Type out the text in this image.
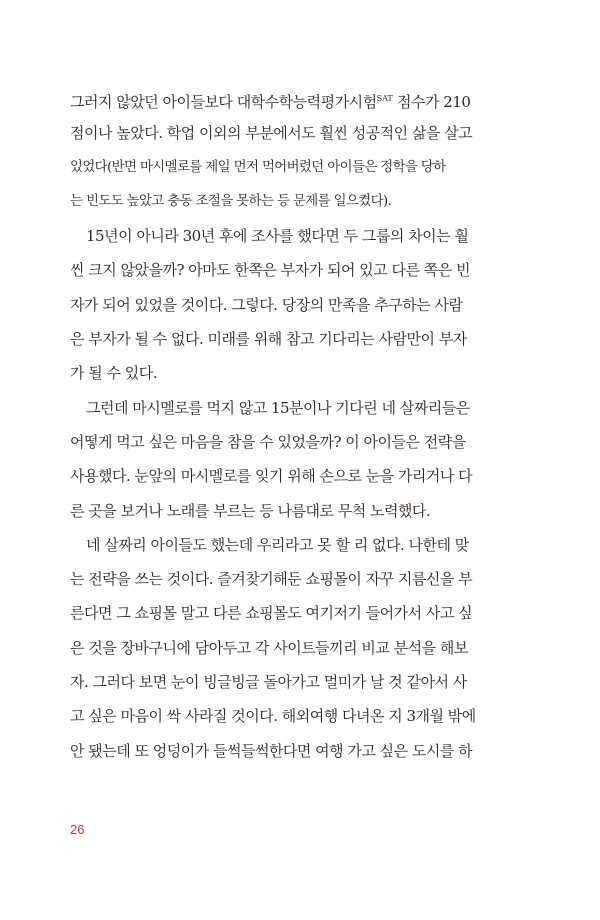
그러지 않았던 아이들보다 대학수학능력평가시험$^{SAT}$ 점수가 210
점이나 높았다. 학업 이외의 부분에서도 훨씬 성공적인 삶을 살고
있었다(반면 마시멜로를 제일 먼저 먹어버렸던 아이들은 정학을 당하
는 빈도도 높았고 충동 조절을 못하는 등 문제를 일으켰다).
15년이 아니라 30년 후에 조사를 했다면 두 그룹의 차이는 훨
씬 크지 않았을까? 아마도 한쪽은 부자가 되어 있고 다른 쪽은 빈
자가 되어 있었을 것이다. 그렇다. 당장의 만족을 추구하는 사람
은 부자가 될 수 없다. 미래를 위해 참고 기다리는 사람만이 부자
가 될 수 있다.
그런데 마시멜로를 먹지 않고 15분이나 기다린 네 살짜리들은
어떻게 먹고 싶은 마음을 참을 수 있었을까? 이 아이들은 전략을
사용했다. 눈앞의 마시멜로를 잊기 위해 손으로 눈을 가리거나 다
른 곳을 보거나 노래를 부르는 등 나름대로 무척 노력했다.
네 살짜리 아이들도 했는데 우리라고 못 할 리 없다. 나한테 맞
는 전략을 쓰는 것이다. 즐겨찾기해둔 쇼핑몰이 자꾸 지름신을 부
른다면 그 쇼핑몰 말고 다른 쇼핑몰도 여기저기 들어가서 사고 싶
은 것을 장바구니에 담아두고 각 사이트들끼리 비교 분석을 해보
자. 그러다 보면 눈이 빙글빙글 돌아가고 멀미가 날 것 같아서 사
고 싶은 마음이 싹 사라질 것이다. 해외여행 다녀온 지 3개월 밖에
안 됐는데 또 엉덩이가 들썩들썩한다면 여행 가고 싶은 도시를 하
26
